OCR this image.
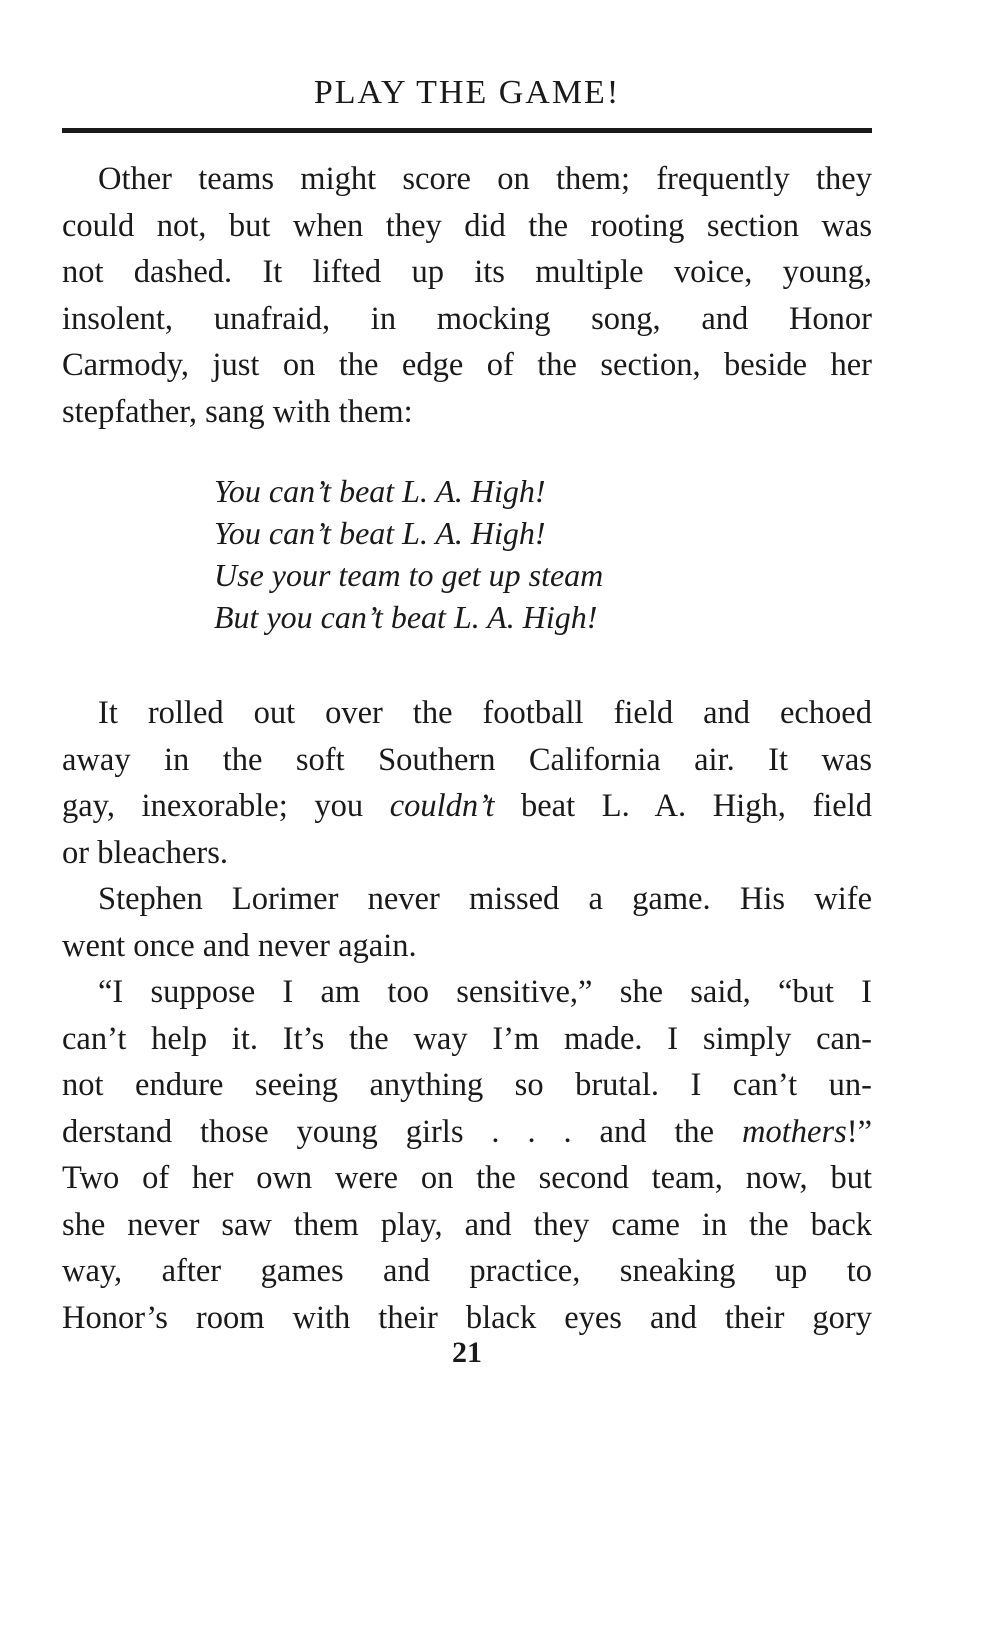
PLAY THE GAME!
Other teams might score on them; frequently they
could not, but when they did the rooting section was
not dashed. It lifted up its multiple voice, young,
insolent, unafraid, in mocking song, and Honor
Carmody, just on the edge of the section, beside her
stepfather, sang with them:
You can’t beat L. A. High!
You can’t beat L. A. High!
Use your team to get up steam
But you can’t beat L. A. High!
It rolled out over the football field and echoed
away in the soft Southern California air. It was
gay, inexorable; you couldn’t beat L. A. High, field
or bleachers.
Stephen Lorimer never missed a game. His wife
went once and never again.
“I suppose I am too sensitive,” she said, “but I
can’t help it. It’s the way I’m made. I simply can-
not endure seeing anything so brutal. I can’t un-
derstand those young girls . . . and the mothers!”
Two of her own were on the second team, now, but
she never saw them play, and they came in the back
way, after games and practice, sneaking up to
Honor’s room with their black eyes and their gory
21
